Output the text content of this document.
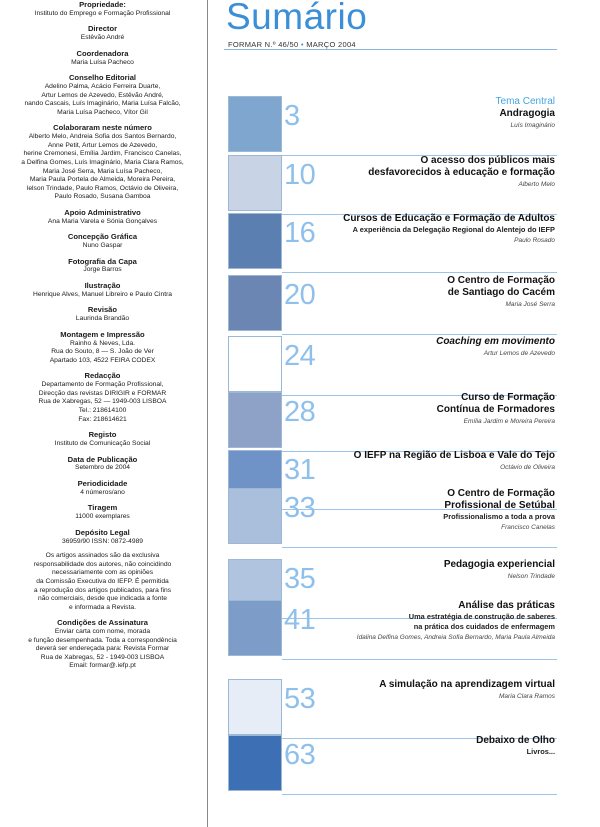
Propriedade:
Instituto do Emprego e Formação Profissional
Director
Estêvão André
Coordenadora
Maria Luísa Pacheco
Conselho Editorial
Adelino Palma, Acácio Ferreira Duarte,
Artur Lemos de Azevedo, Estêvão André,
nando Cascais, Luís Imaginário, Maria Luísa Falcão,
Maria Luísa Pacheco, Vítor Gil
Colaboraram neste número
Alberto Melo, Andreia Sofia dos Santos Bernardo,
Anne Petit, Artur Lemos de Azevedo,
herine Cremonesi, Emília Jardim, Francisco Canelas,
a Delfina Gomes, Luís Imaginário, Maria Clara Ramos,
Maria José Serra, Maria Luísa Pacheco,
Maria Paula Portela de Almeida, Moreira Pereira,
lelson Trindade, Paulo Ramos, Octávio de Oliveira,
Paulo Rosado, Susana Gamboa
Apoio Administrativo
Ana Maria Varela e Sónia Gonçalves
Concepção Gráfica
Nuno Gaspar
Fotografia da Capa
Jorge Barros
Ilustração
Henrique Alves, Manuel Libreiro e Paulo Cintra
Revisão
Laurinda Brandão
Montagem e Impressão
Rainho & Neves, Lda.
Rua do Souto, 8 — S. João de Ver
Apartado 103, 4522 FEIRA CODEX
Redacção
Departamento de Formação Profissional,
Direcção das revistas DIRIGIR e FORMAR
Rua de Xabregas, 52 — 1949-003 LISBOA
Tel.: 218614100
Fax: 218614621
Registo
Instituto de Comunicação Social
Data de Publicação
Setembro de 2004
Periodicidade
4 números/ano
Tiragem
11000 exemplares
Depósito Legal
36959/90 ISSN: 0872-4989
Os artigos assinados são da exclusiva
responsabilidade dos autores, não coincidindo
necessariamente com as opiniões
da Comissão Executiva do IEFP. É permitida
a reprodução dos artigos publicados, para fins
não comerciais, desde que indicada a fonte
e informada a Revista.
Condições de Assinatura
Enviar carta com nome, morada
e função desempenhada. Toda a correspondência
deverá ser endereçada para: Revista Formar
Rua de Xabregas, 52 - 1949-003 LISBOA
Email: formar@.iefp.pt
Sumário
FORMAR N.º 46/50 • MARÇO 2004
3	Tema Central
Andragogia
Luís Imaginário
10	O acesso dos públicos mais
desfavorecidos à educação e formação
Alberto Melo
16	Cursos de Educação e Formação de Adultos
A experiência da Delegação Regional do Alentejo do IEFP
Paulo Rosado
20	O Centro de Formação
de Santiago do Cacém
Maria José Serra
24	Coaching em movimento
Artur Lemos de Azevedo
28	Curso de Formação
Contínua de Formadores
Emília Jardim e Moreira Pereira
31	O IEFP na Região de Lisboa e Vale do Tejo
Octávio de Oliveira
33	O Centro de Formação
Profissional de Setúbal
Profissionalismo a toda a prova
Francisco Canelas
35	Pedagogia experiencial
Nelson Trindade
41	Análise das práticas
Uma estratégia de construção de saberes
na prática dos cuidados de enfermagem
Idalina Delfina Gomes, Andreia Sofia Bernardo, Maria Paula Almeida
53	A simulação na aprendizagem virtual
Maria Clara Ramos
63	Debaixo de Olho
Livros...
